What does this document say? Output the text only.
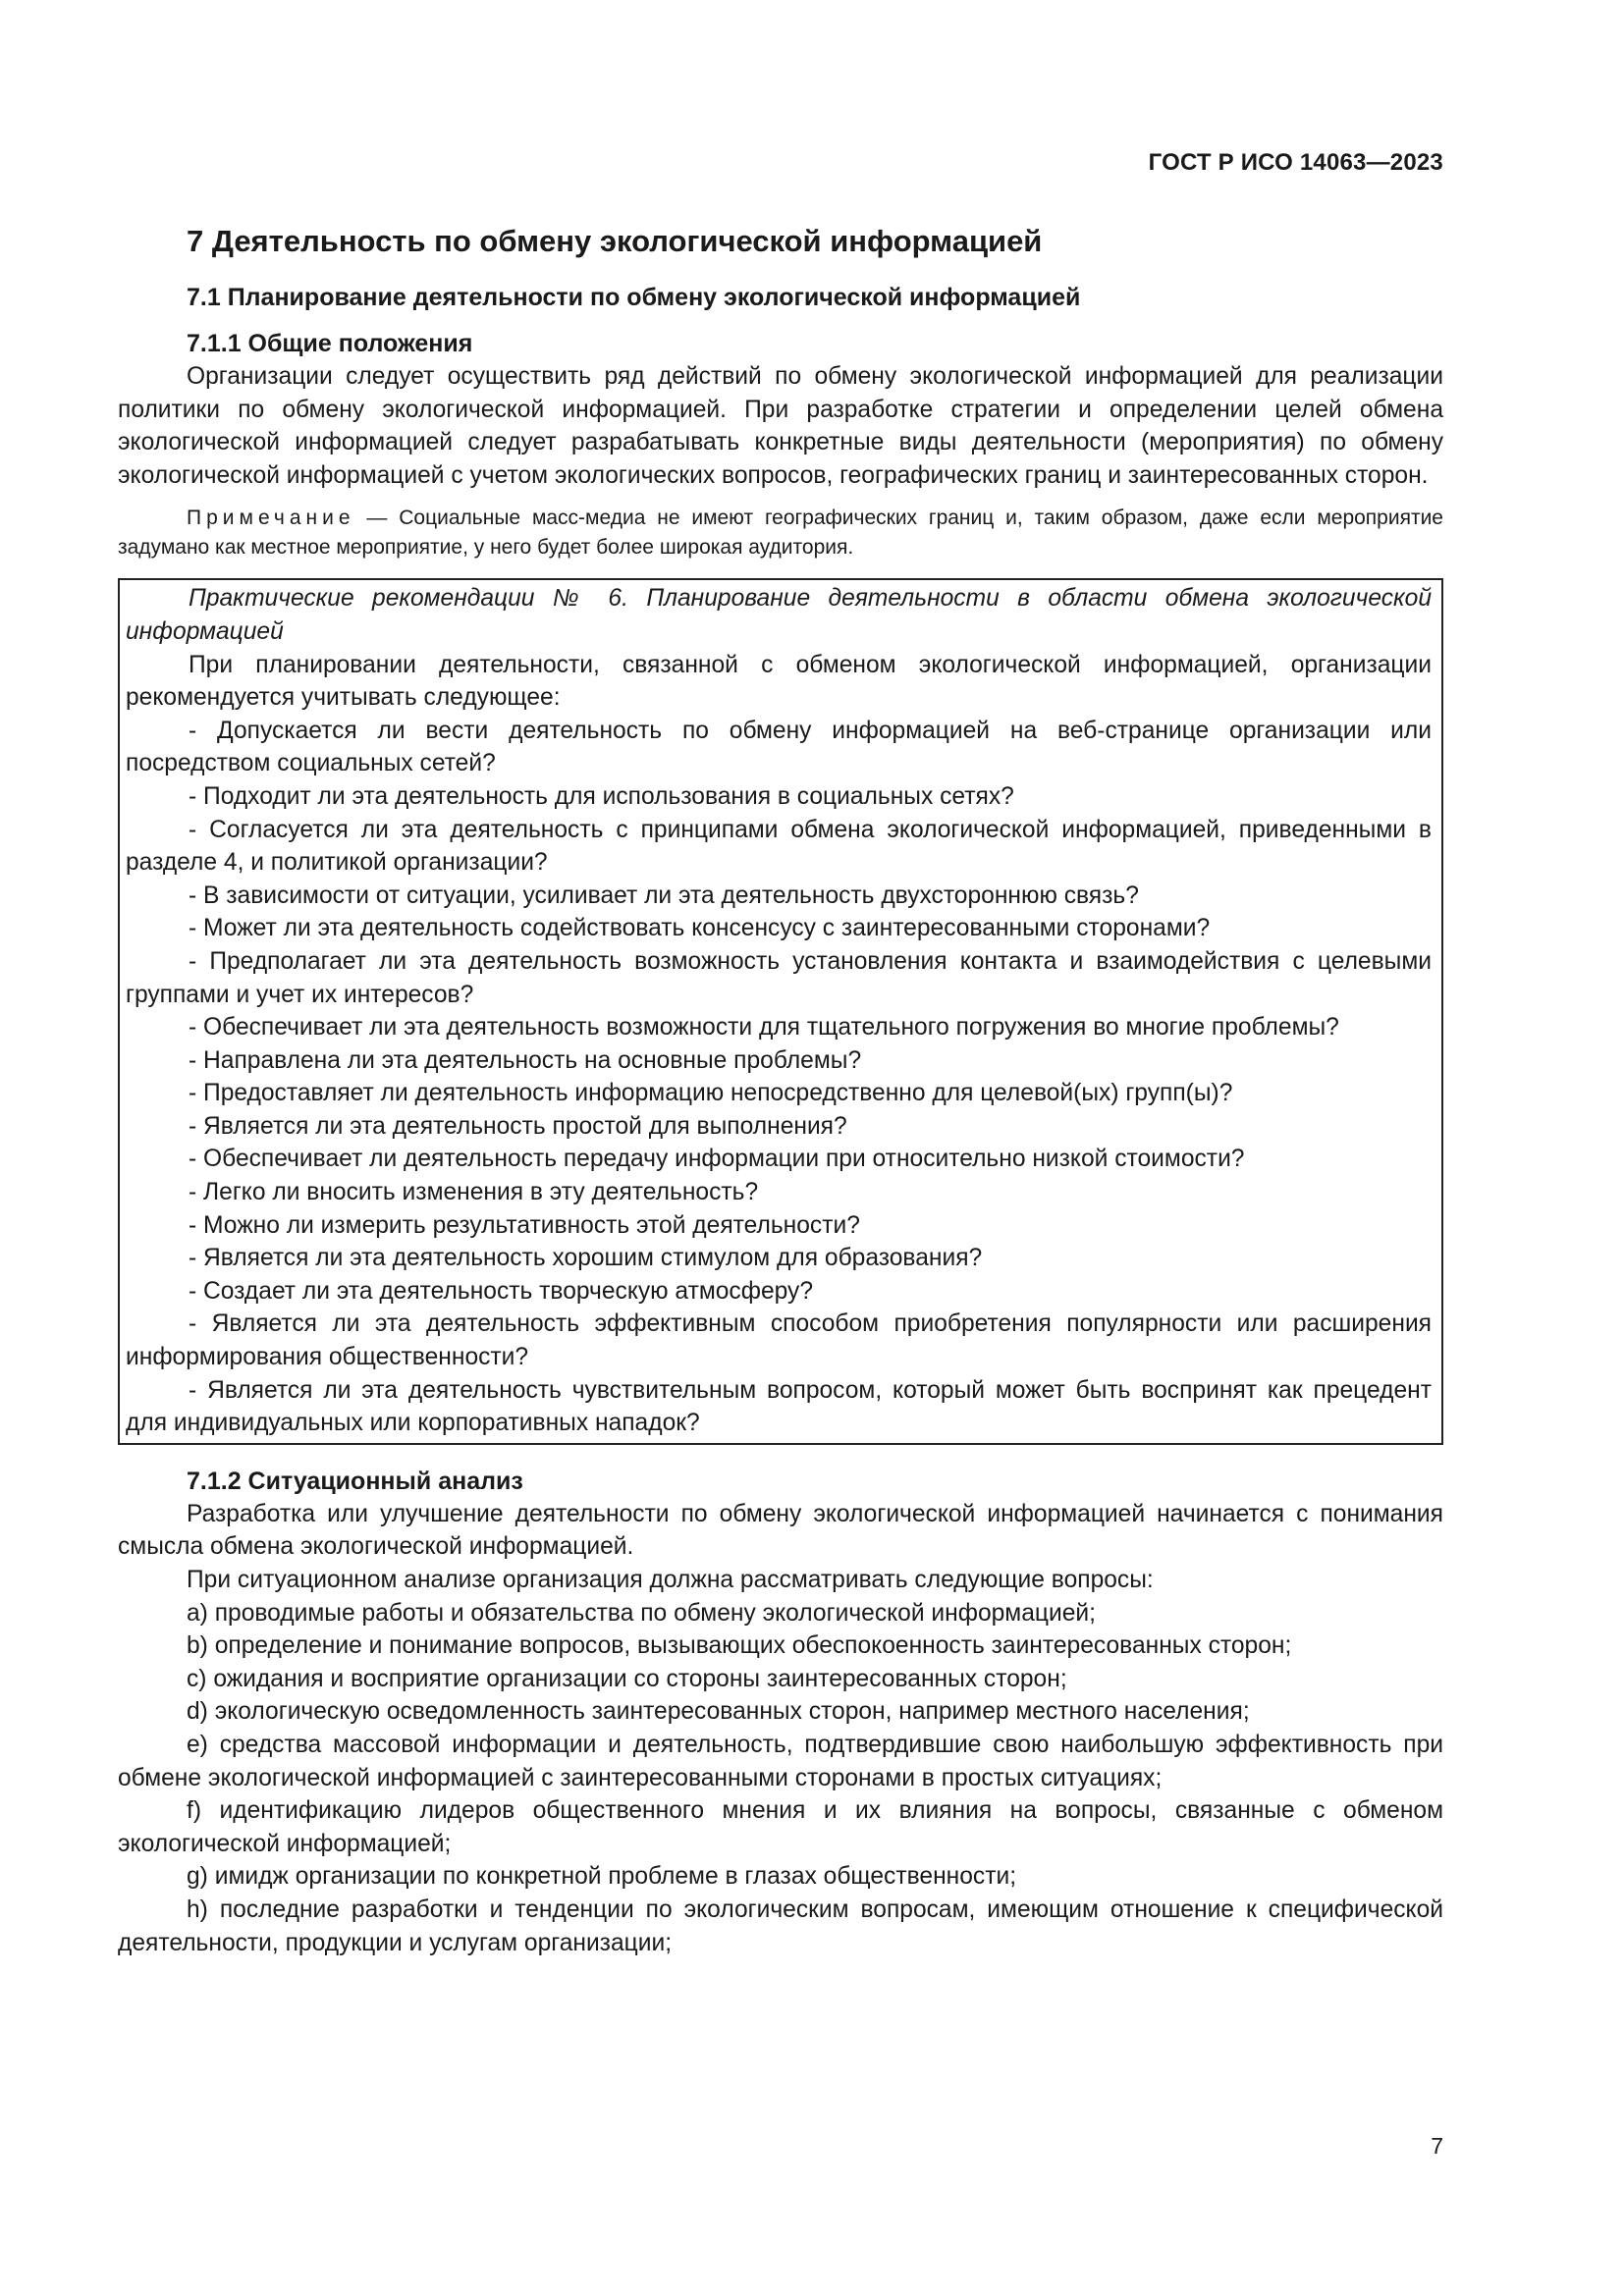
ГОСТ Р ИСО 14063—2023
7 Деятельность по обмену экологической информацией
7.1 Планирование деятельности по обмену экологической информацией
7.1.1 Общие положения

Организации следует осуществить ряд действий по обмену экологической информацией для реализации политики по обмену экологической информацией. При разработке стратегии и определении целей обмена экологической информацией следует разрабатывать конкретные виды деятельности (мероприятия) по обмену экологической информацией с учетом экологических вопросов, географических границ и заинтересованных сторон.

Примечание — Социальные масс-медиа не имеют географических границ и, таким образом, даже если мероприятие задумано как местное мероприятие, у него будет более широкая аудитория.

Практические рекомендации № 6. Планирование деятельности в области обмена экологической информацией

При планировании деятельности, связанной с обменом экологической информацией, организации рекомендуется учитывать следующее:

- Допускается ли вести деятельность по обмену информацией на веб-странице организации или посредством социальных сетей?

- Подходит ли эта деятельность для использования в социальных сетях?

- Согласуется ли эта деятельность с принципами обмена экологической информацией, приведенными в разделе 4, и политикой организации?

- В зависимости от ситуации, усиливает ли эта деятельность двухстороннюю связь?

- Может ли эта деятельность содействовать консенсусу с заинтересованными сторонами?

- Предполагает ли эта деятельность возможность установления контакта и взаимодействия с целевыми группами и учет их интересов?

- Обеспечивает ли эта деятельность возможности для тщательного погружения во многие проблемы?

- Направлена ли эта деятельность на основные проблемы?

- Предоставляет ли деятельность информацию непосредственно для целевой(ых) групп(ы)?

- Является ли эта деятельность простой для выполнения?

- Обеспечивает ли деятельность передачу информации при относительно низкой стоимости?

- Легко ли вносить изменения в эту деятельность?

- Можно ли измерить результативность этой деятельности?

- Является ли эта деятельность хорошим стимулом для образования?

- Создает ли эта деятельность творческую атмосферу?

- Является ли эта деятельность эффективным способом приобретения популярности или расширения информирования общественности?

- Является ли эта деятельность чувствительным вопросом, который может быть воспринят как прецедент для индивидуальных или корпоративных нападок?

7.1.2 Ситуационный анализ

Разработка или улучшение деятельности по обмену экологической информацией начинается с понимания смысла обмена экологической информацией.

При ситуационном анализе организация должна рассматривать следующие вопросы:

а) проводимые работы и обязательства по обмену экологической информацией;

b) определение и понимание вопросов, вызывающих обеспокоенность заинтересованных сторон;

c) ожидания и восприятие организации со стороны заинтересованных сторон;

d) экологическую осведомленность заинтересованных сторон, например местного населения;

e) средства массовой информации и деятельность, подтвердившие свою наибольшую эффективность при обмене экологической информацией с заинтересованными сторонами в простых ситуациях;

f) идентификацию лидеров общественного мнения и их влияния на вопросы, связанные с обменом экологической информацией;

g) имидж организации по конкретной проблеме в глазах общественности;

h) последние разработки и тенденции по экологическим вопросам, имеющим отношение к специфической деятельности, продукции и услугам организации;

7
